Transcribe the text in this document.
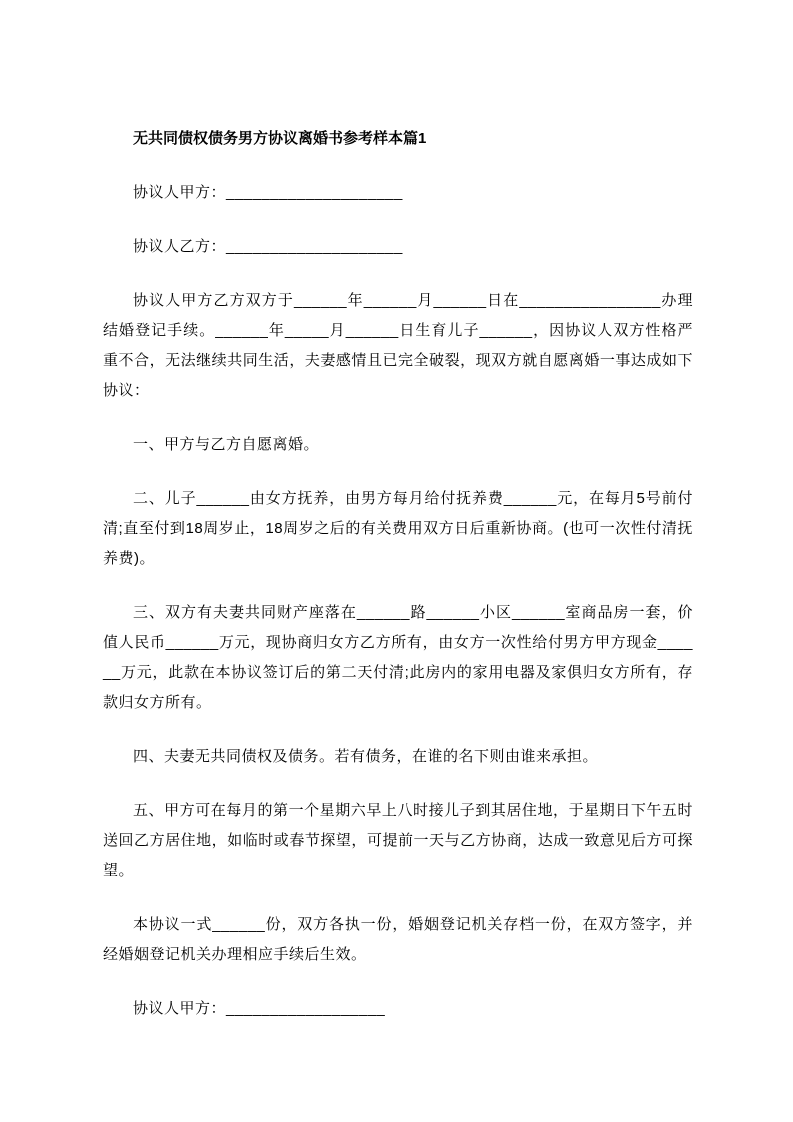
无共同债权债务男方协议离婚书参考样本篇1

协议人甲方：____________________

协议人乙方：____________________

协议人甲方乙方双方于______年______月______日在________________办理结婚登记手续。______年_____月______日生育儿子______，因协议人双方性格严重不合，无法继续共同生活，夫妻感情且已完全破裂，现双方就自愿离婚一事达成如下协议：

一、甲方与乙方自愿离婚。

二、儿子______由女方抚养，由男方每月给付抚养费______元，在每月5号前付清;直至付到18周岁止，18周岁之后的有关费用双方日后重新协商。(也可一次性付清抚养费)。

三、双方有夫妻共同财产座落在______路______小区______室商品房一套，价值人民币______万元，现协商归女方乙方所有，由女方一次性给付男方甲方现金______万元，此款在本协议签订后的第二天付清;此房内的家用电器及家俱归女方所有，存款归女方所有。

四、夫妻无共同债权及债务。若有债务，在谁的名下则由谁来承担。

五、甲方可在每月的第一个星期六早上八时接儿子到其居住地，于星期日下午五时送回乙方居住地，如临时或春节探望，可提前一天与乙方协商，达成一致意见后方可探望。

本协议一式______份，双方各执一份，婚姻登记机关存档一份，在双方签字，并经婚姻登记机关办理相应手续后生效。

协议人甲方：__________________
